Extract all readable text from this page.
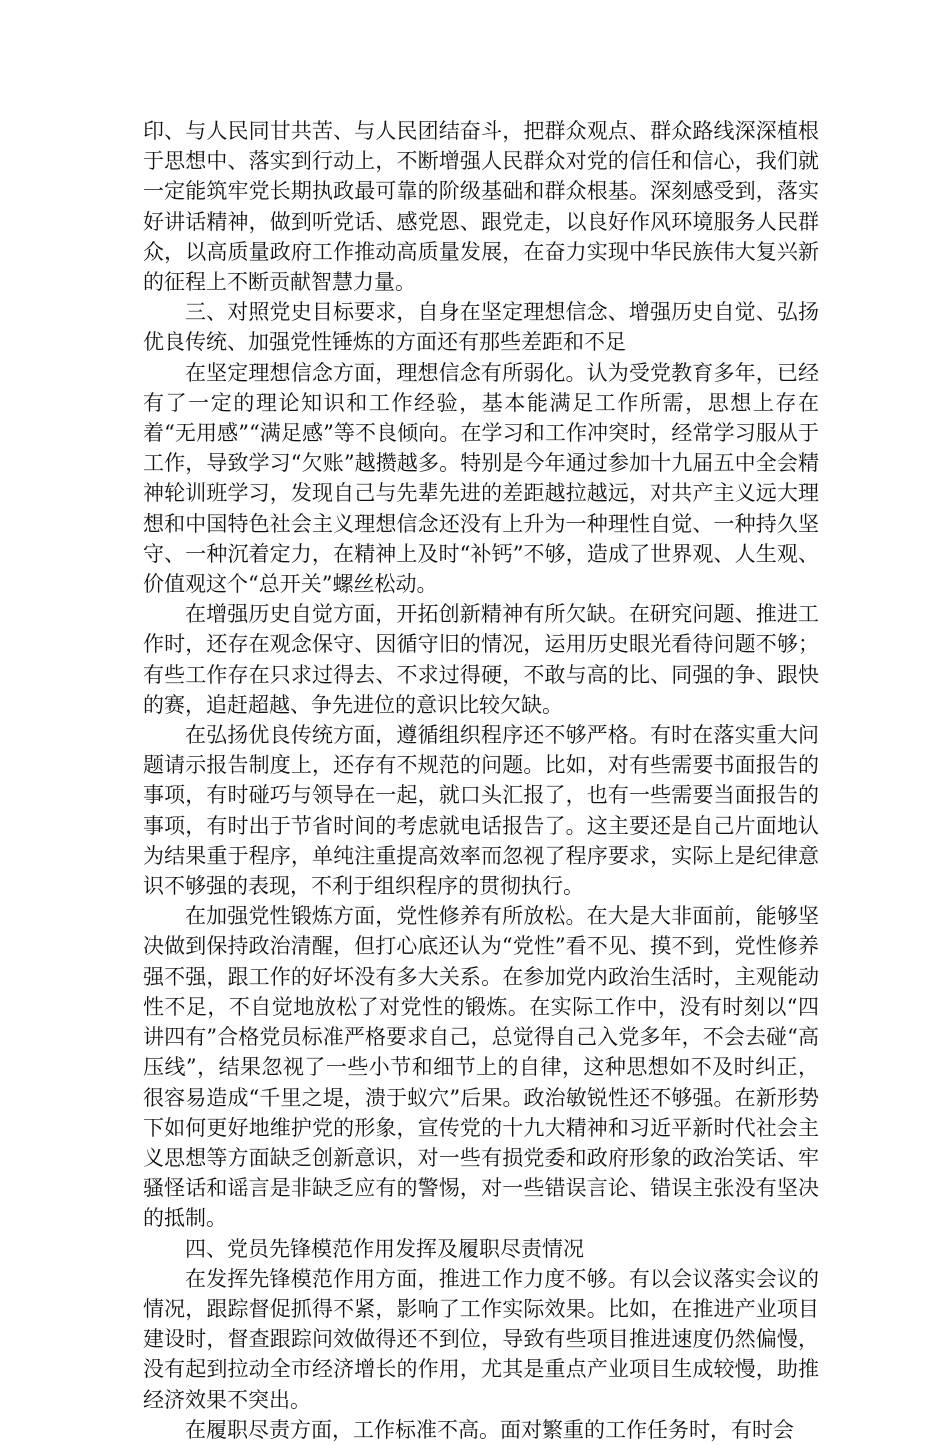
印、与人民同甘共苦、与人民团结奋斗，把群众观点、群众路线深深植根于思想中、落实到行动上，不断增强人民群众对党的信任和信心，我们就一定能筑牢党长期执政最可靠的阶级基础和群众根基。深刻感受到，落实好讲话精神，做到听党话、感党恩、跟党走，以良好作风环境服务人民群众，以高质量政府工作推动高质量发展，在奋力实现中华民族伟大复兴新的征程上不断贡献智慧力量。

三、对照党史目标要求，自身在坚定理想信念、增强历史自觉、弘扬优良传统、加强党性锤炼的方面还有那些差距和不足

在坚定理想信念方面，理想信念有所弱化。认为受党教育多年，已经有了一定的理论知识和工作经验，基本能满足工作所需，思想上存在着“无用感”“满足感”等不良倾向。在学习和工作冲突时，经常学习服从于工作，导致学习“欠账”越攒越多。特别是今年通过参加十九届五中全会精神轮训班学习，发现自己与先辈先进的差距越拉越远，对共产主义远大理想和中国特色社会主义理想信念还没有上升为一种理性自觉、一种持久坚守、一种沉着定力，在精神上及时“补钙”不够，造成了世界观、人生观、价值观这个“总开关”螺丝松动。

在增强历史自觉方面，开拓创新精神有所欠缺。在研究问题、推进工作时，还存在观念保守、因循守旧的情况，运用历史眼光看待问题不够；有些工作存在只求过得去、不求过得硬，不敢与高的比、同强的争、跟快的赛，追赶超越、争先进位的意识比较欠缺。

在弘扬优良传统方面，遵循组织程序还不够严格。有时在落实重大问题请示报告制度上，还存有不规范的问题。比如，对有些需要书面报告的事项，有时碰巧与领导在一起，就口头汇报了，也有一些需要当面报告的事项，有时出于节省时间的考虑就电话报告了。这主要还是自己片面地认为结果重于程序，单纯注重提高效率而忽视了程序要求，实际上是纪律意识不够强的表现，不利于组织程序的贯彻执行。

在加强党性锻炼方面，党性修养有所放松。在大是大非面前，能够坚决做到保持政治清醒，但打心底还认为“党性”看不见、摸不到，党性修养强不强，跟工作的好坏没有多大关系。在参加党内政治生活时，主观能动性不足，不自觉地放松了对党性的锻炼。在实际工作中，没有时刻以“四讲四有”合格党员标准严格要求自己，总觉得自己入党多年，不会去碰“高压线”，结果忽视了一些小节和细节上的自律，这种思想如不及时纠正，很容易造成“千里之堤，溃于蚁穴”后果。政治敏锐性还不够强。在新形势下如何更好地维护党的形象，宣传党的十九大精神和习近平新时代社会主义思想等方面缺乏创新意识，对一些有损党委和政府形象的政治笑话、牢骚怪话和谣言是非缺乏应有的警惕，对一些错误言论、错误主张没有坚决的抵制。

四、党员先锋模范作用发挥及履职尽责情况

在发挥先锋模范作用方面，推进工作力度不够。有以会议落实会议的情况，跟踪督促抓得不紧，影响了工作实际效果。比如，在推进产业项目建设时，督查跟踪问效做得还不到位，导致有些项目推进速度仍然偏慢，没有起到拉动全市经济增长的作用，尤其是重点产业项目生成较慢，助推经济效果不突出。

在履职尽责方面，工作标准不高。面对繁重的工作任务时，有时会
